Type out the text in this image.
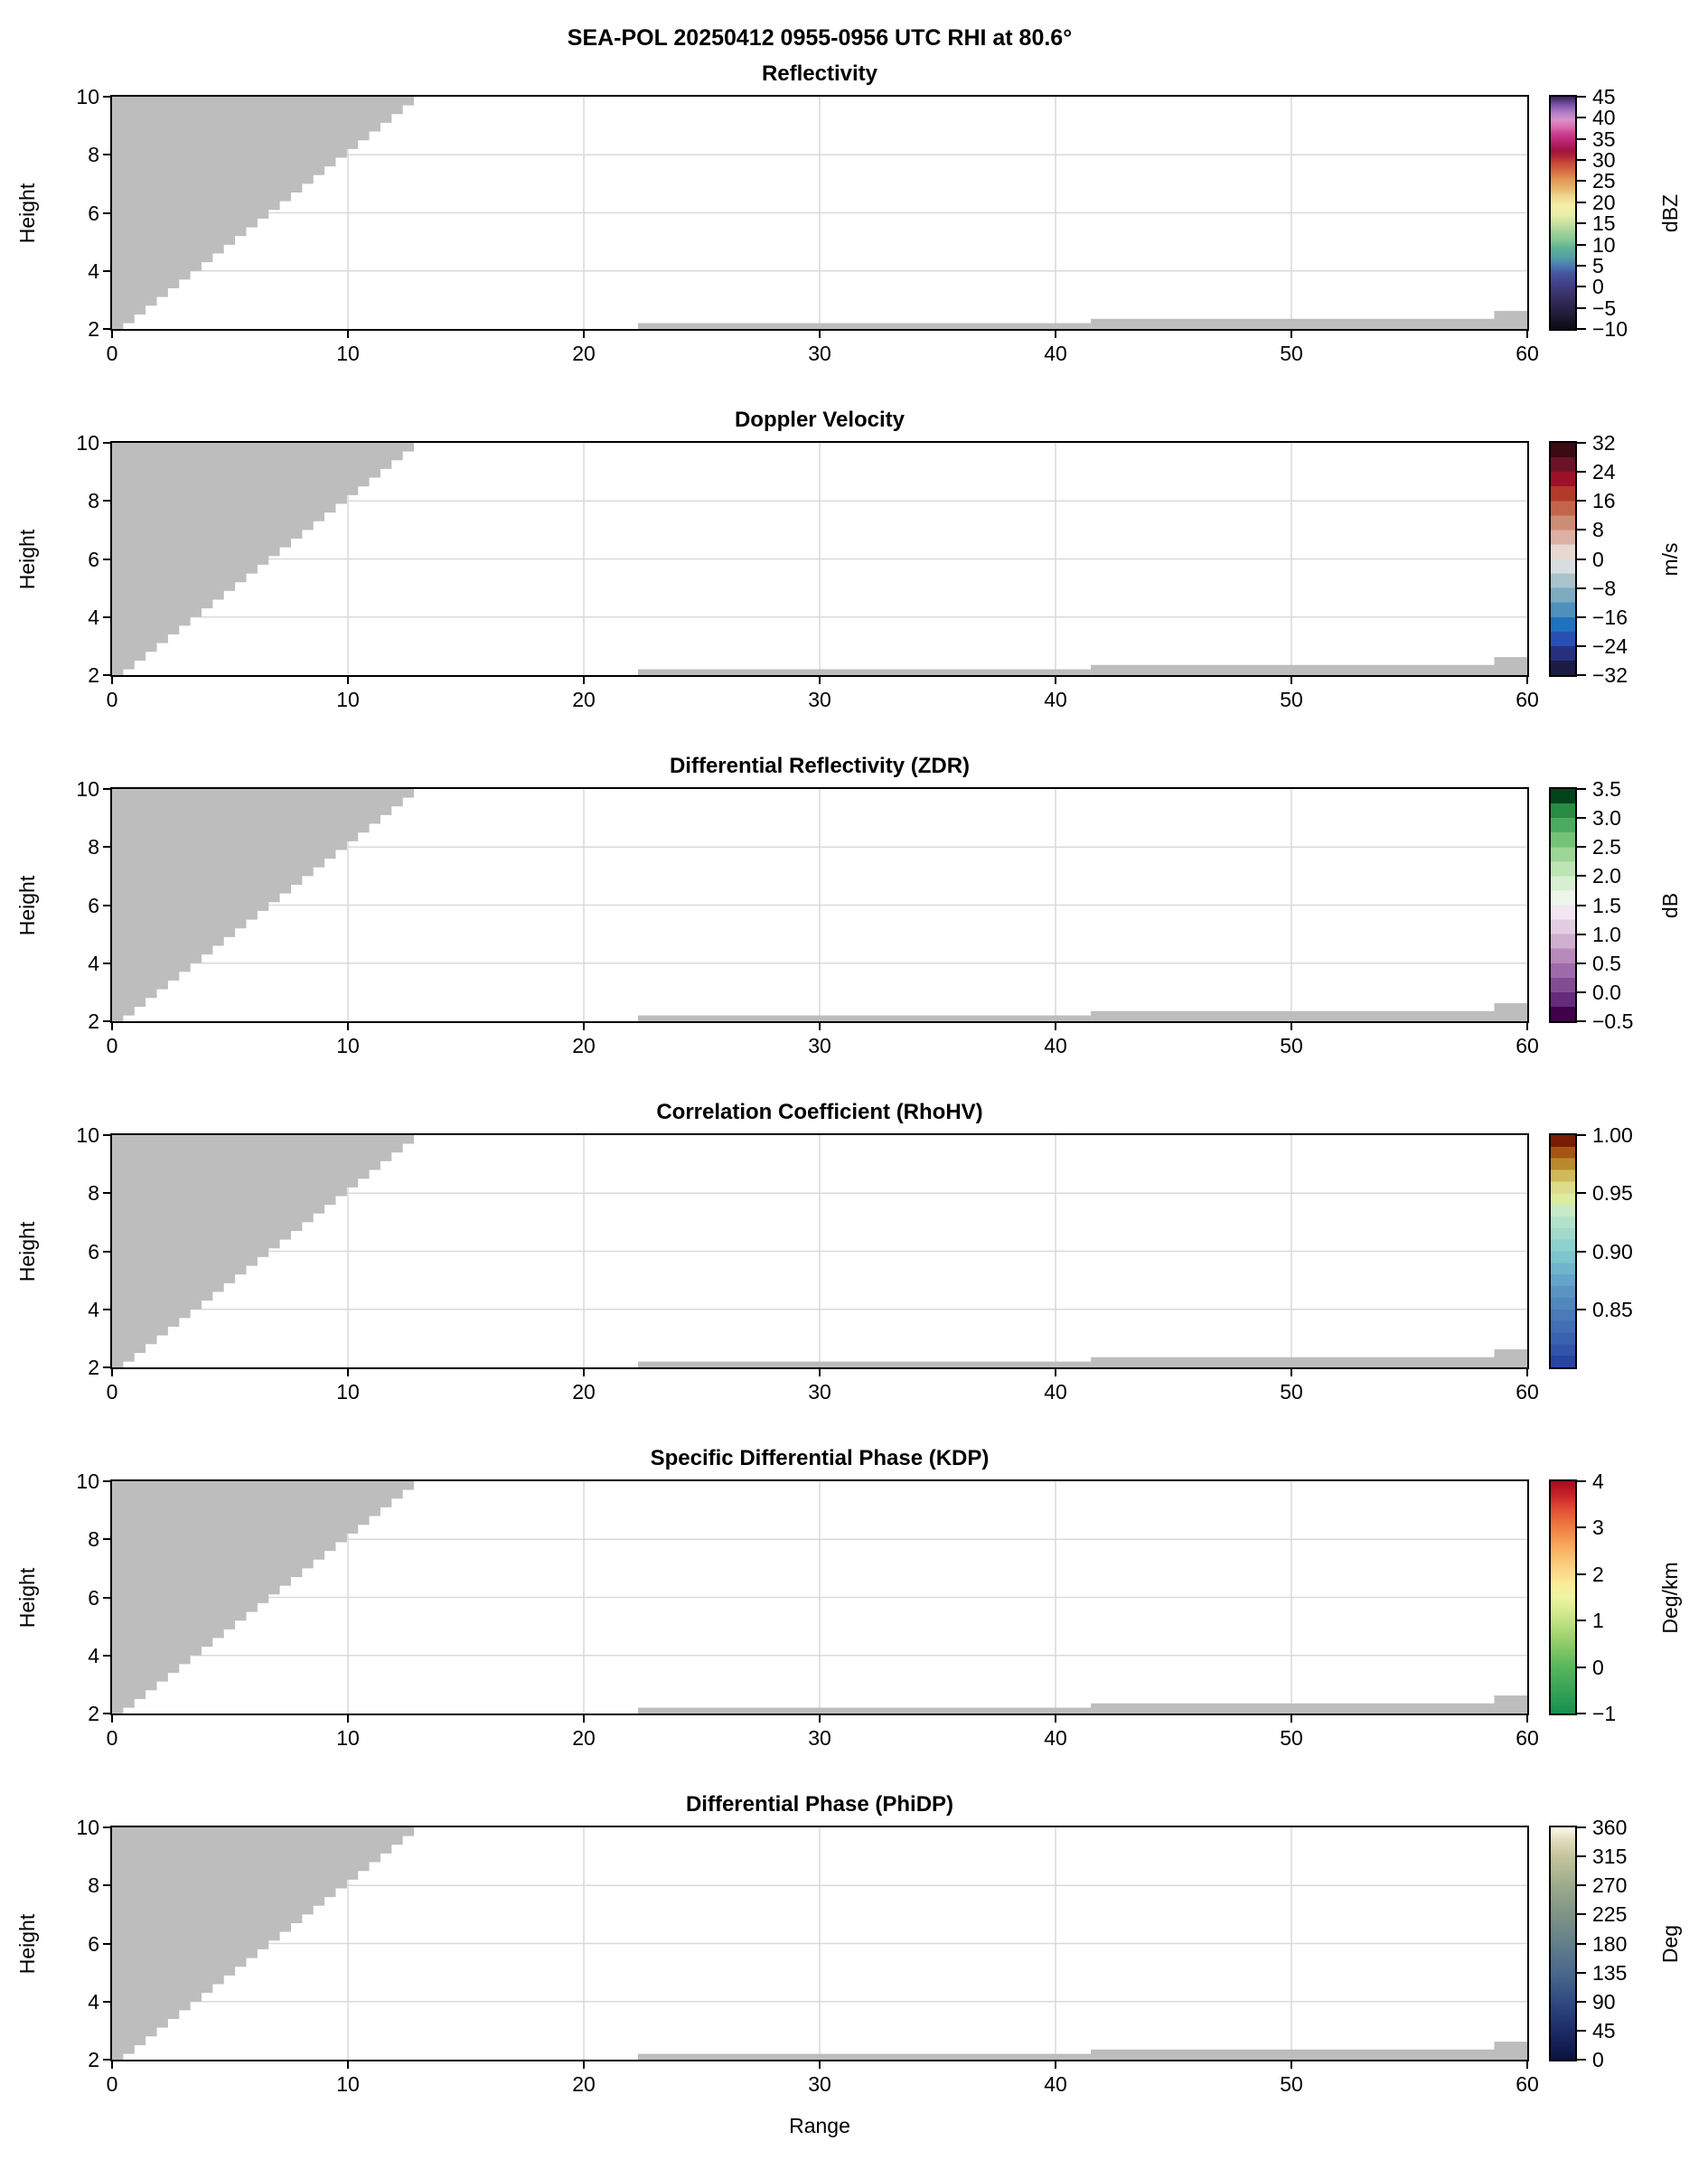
SEA-POL 20250412 0955-0956 UTC RHI at 80.6°
Reflectivity
2
4
6
8
10
0	10	20	30	40	50	60
Height
45
40
35
30
25
20
15
10
5
0
−5
−10
dBZ
Doppler Velocity
2
4
6
8
10
0	10	20	30	40	50	60
Height
32
24
16
8
0
−8
−16
−24
−32
m/s
Differential Reflectivity (ZDR)
2
4
6
8
10
0	10	20	30	40	50	60
Height
3.5
3.0
2.5
2.0
1.5
1.0
0.5
0.0
−0.5
dB
Correlation Coefficient (RhoHV)
2
4
6
8
10
0	10	20	30	40	50	60
Height
1.00
0.95
0.90
0.85
Specific Differential Phase (KDP)
2
4
6
8
10
0	10	20	30	40	50	60
Height
4
3
2
1
0
−1
Deg/km
Differential Phase (PhiDP)
2
4
6
8
10
0	10	20	30	40	50	60
Height
360
315
270
225
180
135
90
45
0
Deg
Range
